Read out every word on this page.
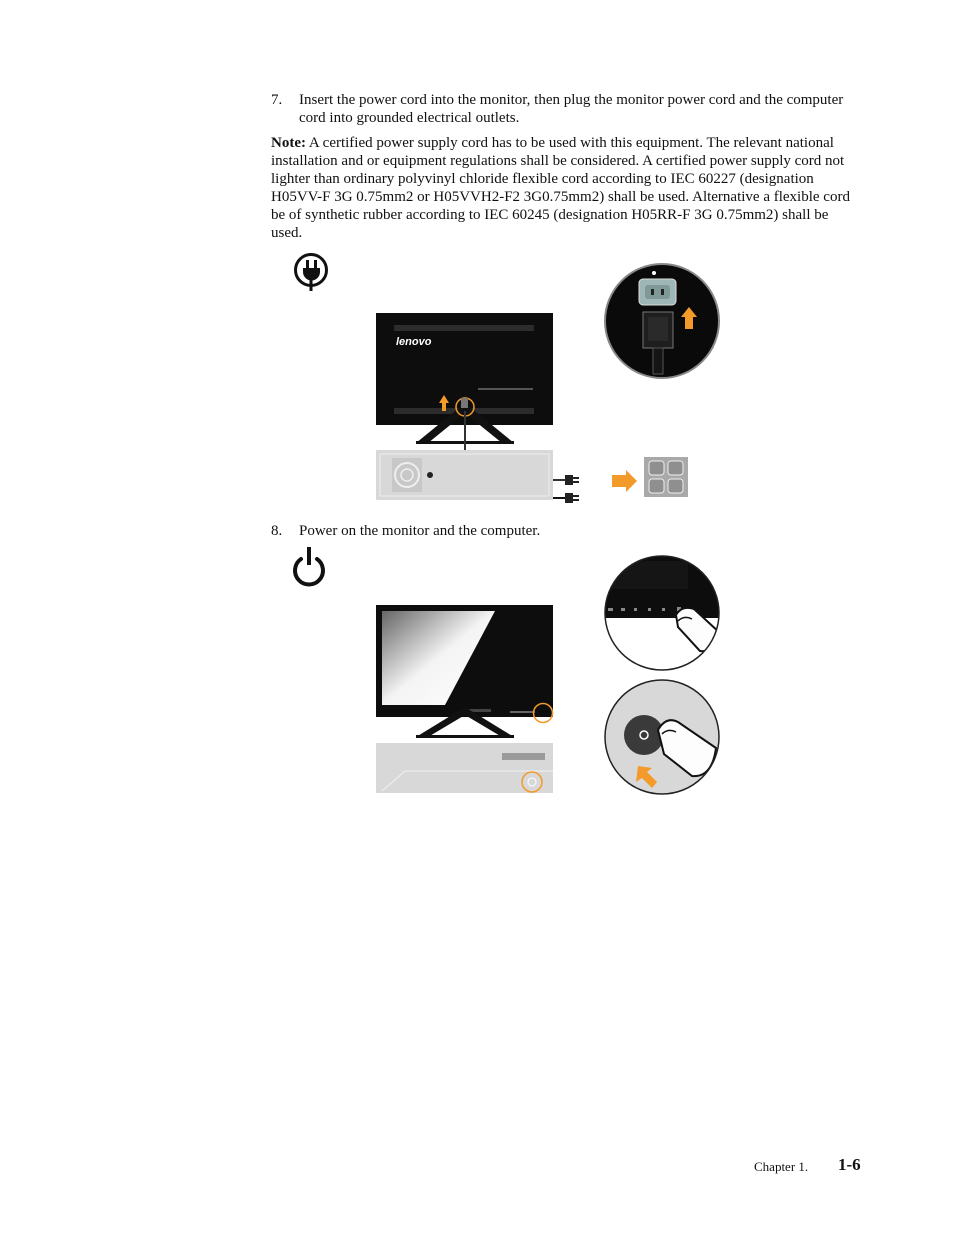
7. Insert the power cord into the monitor, then plug the monitor power cord and the computer cord into grounded electrical outlets.
Note: A certified power supply cord has to be used with this equipment. The relevant national installation and or equipment regulations shall be considered. A certified power supply cord not lighter than ordinary polyvinyl chloride flexible cord according to IEC 60227 (designation H05VV-F 3G 0.75mm2 or H05VVH2-F2 3G0.75mm2) shall be used. Alternative a flexible cord be of synthetic rubber according to IEC 60245 (designation H05RR-F 3G 0.75mm2) shall be used.
lenovo
8. Power on the monitor and the computer.
Chapter 1. 1-6
